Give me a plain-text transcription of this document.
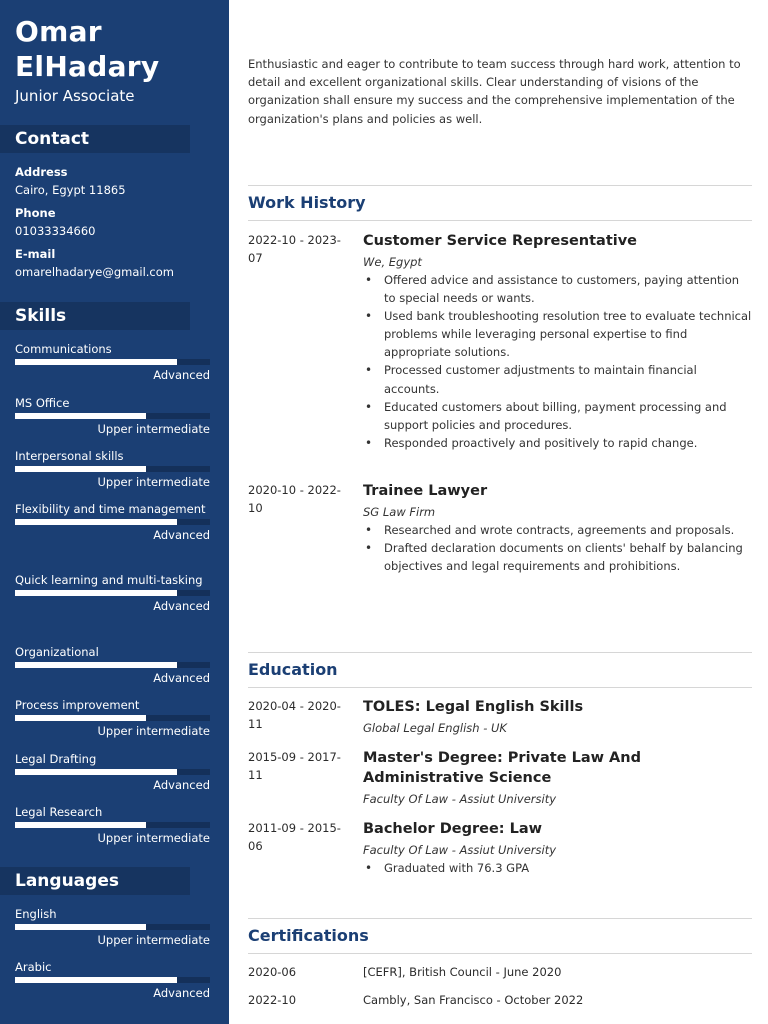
Omar
ElHadary
Junior Associate
Contact
Address
Cairo, Egypt 11865
Phone
01033334660
E-mail
omarelhadarye@gmail.com
Skills
Communications
Advanced
MS Office
Upper intermediate
Interpersonal skills
Upper intermediate
Flexibility and time management
Advanced
Quick learning and multi-tasking
Advanced
Organizational
Advanced
Process improvement
Upper intermediate
Legal Drafting
Advanced
Legal Research
Upper intermediate
Languages
English
Upper intermediate
Arabic
Advanced

Enthusiastic and eager to contribute to team success through hard work, attention to detail and excellent organizational skills. Clear understanding of visions of the organization shall ensure my success and the comprehensive implementation of the organization's plans and policies as well.

Work History
2022-10 - 2023-07
Customer Service Representative
We, Egypt
• Offered advice and assistance to customers, paying attention to special needs or wants.
• Used bank troubleshooting resolution tree to evaluate technical problems while leveraging personal expertise to find appropriate solutions.
• Processed customer adjustments to maintain financial accounts.
• Educated customers about billing, payment processing and support policies and procedures.
• Responded proactively and positively to rapid change.
2020-10 - 2022-10
Trainee Lawyer
SG Law Firm
• Researched and wrote contracts, agreements and proposals.
• Drafted declaration documents on clients' behalf by balancing objectives and legal requirements and prohibitions.
Education
2020-04 - 2020-11
TOLES: Legal English Skills
Global Legal English - UK
2015-09 - 2017-11
Master's Degree: Private Law And Administrative Science
Faculty Of Law - Assiut University
2011-09 - 2015-06
Bachelor Degree: Law
Faculty Of Law - Assiut University
• Graduated with 76.3 GPA
Certifications
2020-06	[CEFR], British Council - June 2020
2022-10	Cambly, San Francisco - October 2022
